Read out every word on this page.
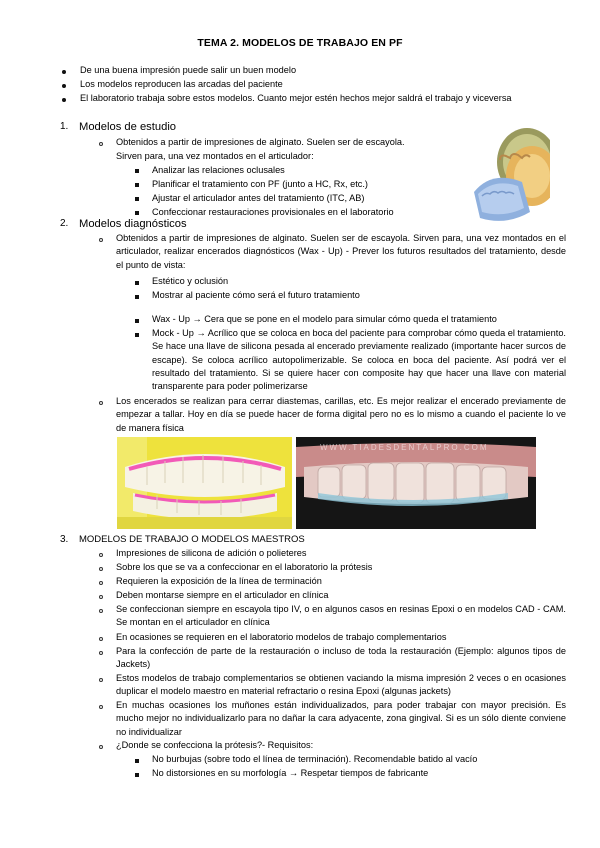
TEMA 2. MODELOS DE TRABAJO EN PF
De una buena impresión puede salir un buen modelo
Los modelos reproducen las arcadas del paciente
El laboratorio trabaja sobre estos modelos. Cuanto mejor estén hechos mejor saldrá el trabajo y viceversa
1. Modelos de estudio
Obtenidos a partir de impresiones de alginato. Suelen ser de escayola.
Sirven para, una vez montados en el articulador:
Analizar las relaciones oclusales
Planificar el tratamiento con PF (junto a HC, Rx, etc.)
Ajustar el articulador antes del tratamiento (ITC, AB)
Confeccionar restauraciones provisionales en el laboratorio
2. Modelos diagnósticos
Obtenidos a partir de impresiones de alginato. Suelen ser de escayola. Sirven para, una vez montados en el articulador, realizar encerados diagnósticos (Wax - Up) - Prever los futuros resultados del tratamiento, desde el punto de vista:
Estético y oclusión
Mostrar al paciente cómo será el futuro tratamiento
Wax - Up → Cera que se pone en el modelo para simular cómo queda el tratamiento
Mock - Up → Acrílico que se coloca en boca del paciente para comprobar cómo queda el tratamiento. Se hace una llave de silicona pesada al encerado previamente realizado (importante hacer surcos de escape). Se coloca acrílico autopolimerizable. Se coloca en boca del paciente. Así podrá ver el resultado del tratamiento. Si se quiere hacer con composite hay que hacer una llave con material transparente para poder polimerizarse
Los encerados se realizan para cerrar diastemas, carillas, etc. Es mejor realizar el encerado previamente de empezar a tallar. Hoy en día se puede hacer de forma digital pero no es lo mismo a cuando el paciente lo ve de manera física
WWW.TIADESDENTALPRO.COM
3. MODELOS DE TRABAJO O MODELOS MAESTROS
Impresiones de silicona de adición o polieteres
Sobre los que se va a confeccionar en el laboratorio la prótesis
Requieren la exposición de la línea de terminación
Deben montarse siempre en el articulador en clínica
Se confeccionan siempre en escayola tipo IV, o en algunos casos en resinas Epoxi o en modelos CAD - CAM. Se montan en el articulador en clínica
En ocasiones se requieren en el laboratorio modelos de trabajo complementarios
Para la confección de parte de la restauración o incluso de toda la restauración (Ejemplo: algunos tipos de Jackets)
Estos modelos de trabajo complementarios se obtienen vaciando la misma impresión 2 veces o en ocasiones duplicar el modelo maestro en material refractario o resina Epoxi (algunas jackets)
En muchas ocasiones los muñones están individualizados, para poder trabajar con mayor precisión. Es mucho mejor no individualizarlo para no dañar la cara adyacente, zona gingival. Si es un sólo diente conviene no individualizar
¿Donde se confecciona la prótesis?- Requisitos:
No burbujas (sobre todo el línea de terminación). Recomendable batido al vacío
No distorsiones en su morfología → Respetar tiempos de fabricante
